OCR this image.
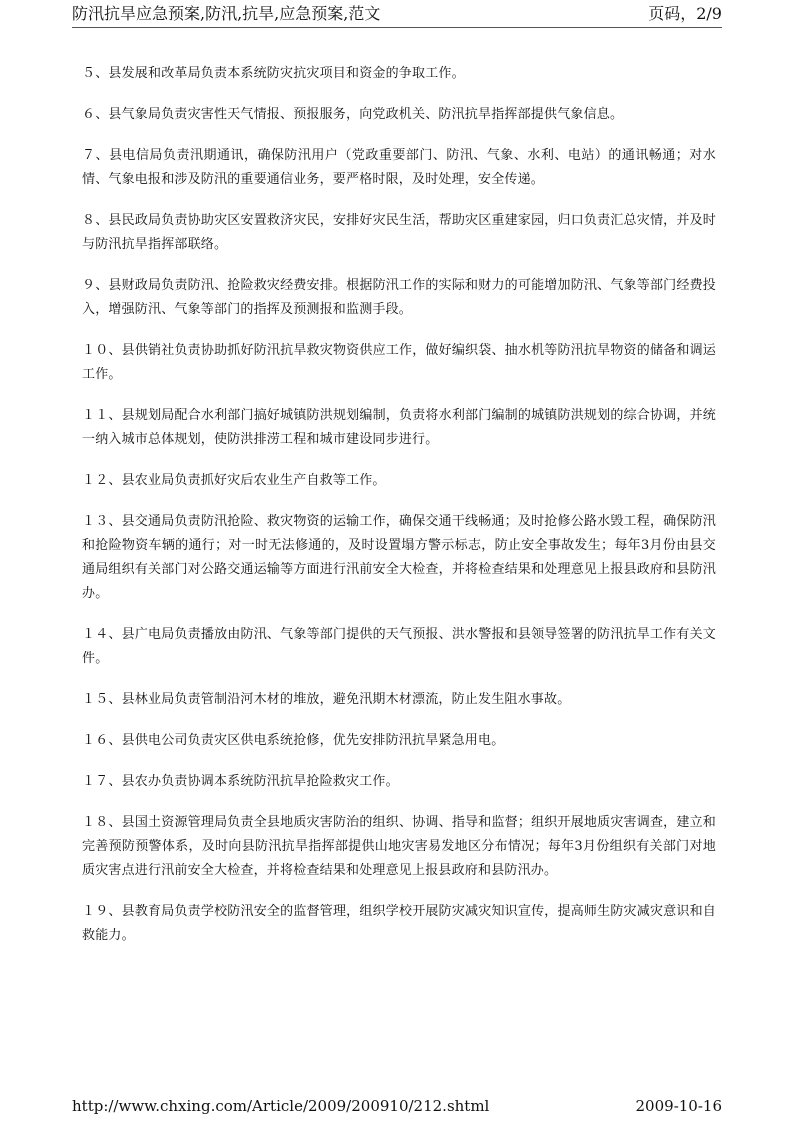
防汛抗旱应急预案,防汛,抗旱,应急预案,范文	页码，2/9

５、县发展和改革局负责本系统防灾抗灾项目和资金的争取工作。

６、县气象局负责灾害性天气情报、预报服务，向党政机关、防汛抗旱指挥部提供气象信息。

７、县电信局负责汛期通讯，确保防汛用户（党政重要部门、防汛、气象、水利、电站）的通讯畅通；对水情、气象电报和涉及防汛的重要通信业务，要严格时限，及时处理，安全传递。

８、县民政局负责协助灾区安置救济灾民，安排好灾民生活，帮助灾区重建家园，归口负责汇总灾情，并及时与防汛抗旱指挥部联络。

９、县财政局负责防汛、抢险救灾经费安排。根据防汛工作的实际和财力的可能增加防汛、气象等部门经费投入，增强防汛、气象等部门的指挥及预测报和监测手段。

１０、县供销社负责协助抓好防汛抗旱救灾物资供应工作，做好编织袋、抽水机等防汛抗旱物资的储备和调运工作。

１１、县规划局配合水利部门搞好城镇防洪规划编制，负责将水利部门编制的城镇防洪规划的综合协调，并统一纳入城市总体规划，使防洪排涝工程和城市建设同步进行。

１２、县农业局负责抓好灾后农业生产自救等工作。

１３、县交通局负责防汛抢险、救灾物资的运输工作，确保交通干线畅通；及时抢修公路水毁工程，确保防汛和抢险物资车辆的通行；对一时无法修通的，及时设置塌方警示标志，防止安全事故发生；每年3月份由县交通局组织有关部门对公路交通运输等方面进行汛前安全大检查，并将检查结果和处理意见上报县政府和县防汛办。

１４、县广电局负责播放由防汛、气象等部门提供的天气预报、洪水警报和县领导签署的防汛抗旱工作有关文件。

１５、县林业局负责管制沿河木材的堆放，避免汛期木材漂流，防止发生阻水事故。

１６、县供电公司负责灾区供电系统抢修，优先安排防汛抗旱紧急用电。

１７、县农办负责协调本系统防汛抗旱抢险救灾工作。

１８、县国土资源管理局负责全县地质灾害防治的组织、协调、指导和监督；组织开展地质灾害调查，建立和完善预防预警体系，及时向县防汛抗旱指挥部提供山地灾害易发地区分布情况；每年3月份组织有关部门对地质灾害点进行汛前安全大检查，并将检查结果和处理意见上报县政府和县防汛办。

１９、县教育局负责学校防汛安全的监督管理，组织学校开展防灾减灾知识宣传，提高师生防灾减灾意识和自救能力。

http://www.chxing.com/Article/2009/200910/212.shtml	2009-10-16
